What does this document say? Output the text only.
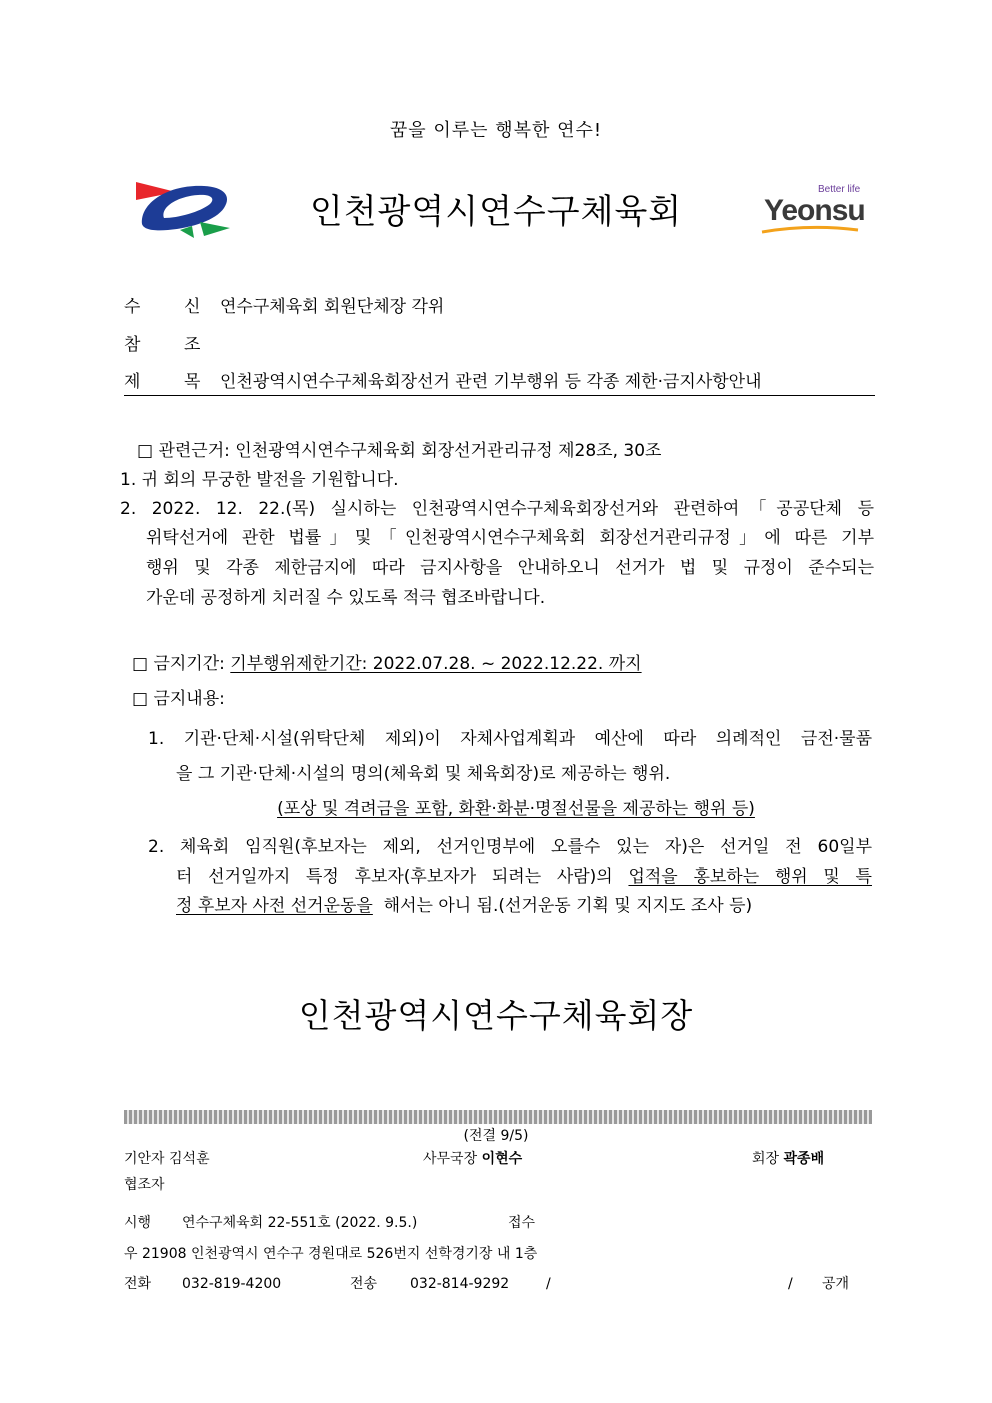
꿈을 이루는 행복한 연수!
인천광역시연수구체육회
Better life
Yeonsu
수	신 연수구체육회 회원단체장 각위
참	조
제	목 인천광역시연수구체육회장선거 관련 기부행위 등 각종 제한·금지사항안내
□ 관련근거: 인천광역시연수구체육회 회장선거관리규정 제28조, 30조
1. 귀 회의 무궁한 발전을 기원합니다.
2. 2022. 12. 22.(목) 실시하는 인천광역시연수구체육회장선거와 관련하여「공공단체 등
위탁선거에 관한 법률」및「인천광역시연수구체육회 회장선거관리규정」에 따른 기부
행위 및 각종 제한금지에 따라 금지사항을 안내하오니 선거가 법 및 규정이 준수되는
가운데 공정하게 치러질 수 있도록 적극 협조바랍니다.
□ 금지기간: 기부행위제한기간: 2022.07.28. ~ 2022.12.22. 까지
□ 금지내용:
1. 기관·단체·시설(위탁단체 제외)이 자체사업계획과 예산에 따라 의례적인 금전·물품
을 그 기관·단체·시설의 명의(체육회 및 체육회장)로 제공하는 행위.
(포상 및 격려금을 포함, 화환·화분·명절선물을 제공하는 행위 등)
2. 체육회 임직원(후보자는 제외, 선거인명부에 오를수 있는 자)은 선거일 전 60일부
터 선거일까지 특정 후보자(후보자가 되려는 사람)의 업적을 홍보하는 행위 및 특
정 후보자 사전 선거운동을  해서는 아니 됨.(선거운동 기획 및 지지도 조사 등)
인천광역시연수구체육회장
(전결 9/5)
기안자 김석훈	사무국장 이현수	회장 곽종배
협조자
시행 연수구체육회 22-551호 (2022. 9.5.)	접수
우 21908 인천광역시 연수구 경원대로 526번지 선학경기장 내 1층
전화 032-819-4200	전송 032-814-9292	/	/ 공개
